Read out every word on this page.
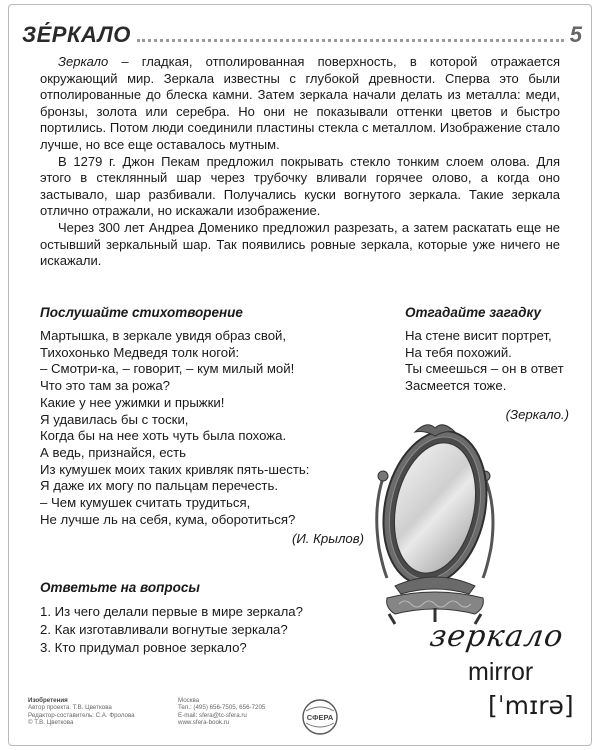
ЗЕ́РКАЛО	5

Зеркало – гладкая, отполированная поверхность, в которой отражается окружающий мир. Зеркала известны с глубокой древности. Сперва это были отполированные до блеска камни. Затем зеркала начали делать из металла: меди, бронзы, золота или серебра. Но они не показывали оттенки цветов и быстро портились. Потом люди соединили пластины стекла с металлом. Изображение стало лучше, но все еще оставалось мутным.

В 1279 г. Джон Пекам предложил покрывать стекло тонким слоем олова. Для этого в стеклянный шар через трубочку вливали горячее олово, а когда оно застывало, шар разбивали. Получались куски вогнутого зеркала. Такие зеркала отлично отражали, но искажали изображение.

Через 300 лет Андреа Доменико предложил разрезать, а затем раскатать еще не остывший зеркальный шар. Так появились ровные зеркала, которые уже ничего не искажали.

Послушайте стихотворение
Мартышка, в зеркале увидя образ свой,
Тихохонько Медведя толк ногой:
– Смотри-ка, – говорит, – кум милый мой!
Что это там за рожа?
Какие у нее ужимки и прыжки!
Я удавилась бы с тоски,
Когда бы на нее хоть чуть была похожа.
А ведь, признайся, есть
Из кумушек моих таких кривляк пять-шесть:
Я даже их могу по пальцам перечесть.
– Чем кумушек считать трудиться,
Не лучше ль на себя, кума, оборотиться?
(И. Крылов)
Отгадайте загадку
На стене висит портрет,
На тебя похожий.
Ты смеешься – он в ответ
Засмеется тоже.
(Зеркало.)
Ответьте на вопросы
1. Из чего делали первые в мире зеркала?
2. Как изготавливали вогнутые зеркала?
3. Кто придумал ровное зеркало?	зеркало
mirror
[ˈmɪrə]
Изобретения
Автор проекта: Т.В. Цветкова
Редактор-составитель: С.А. Фролова
© Т.В. Цветкова
Москва
Тел.: (495) 656-7505, 656-7205
E-mail: sfera@tc-sfera.ru
www.sfera-book.ru
СФЕРА
